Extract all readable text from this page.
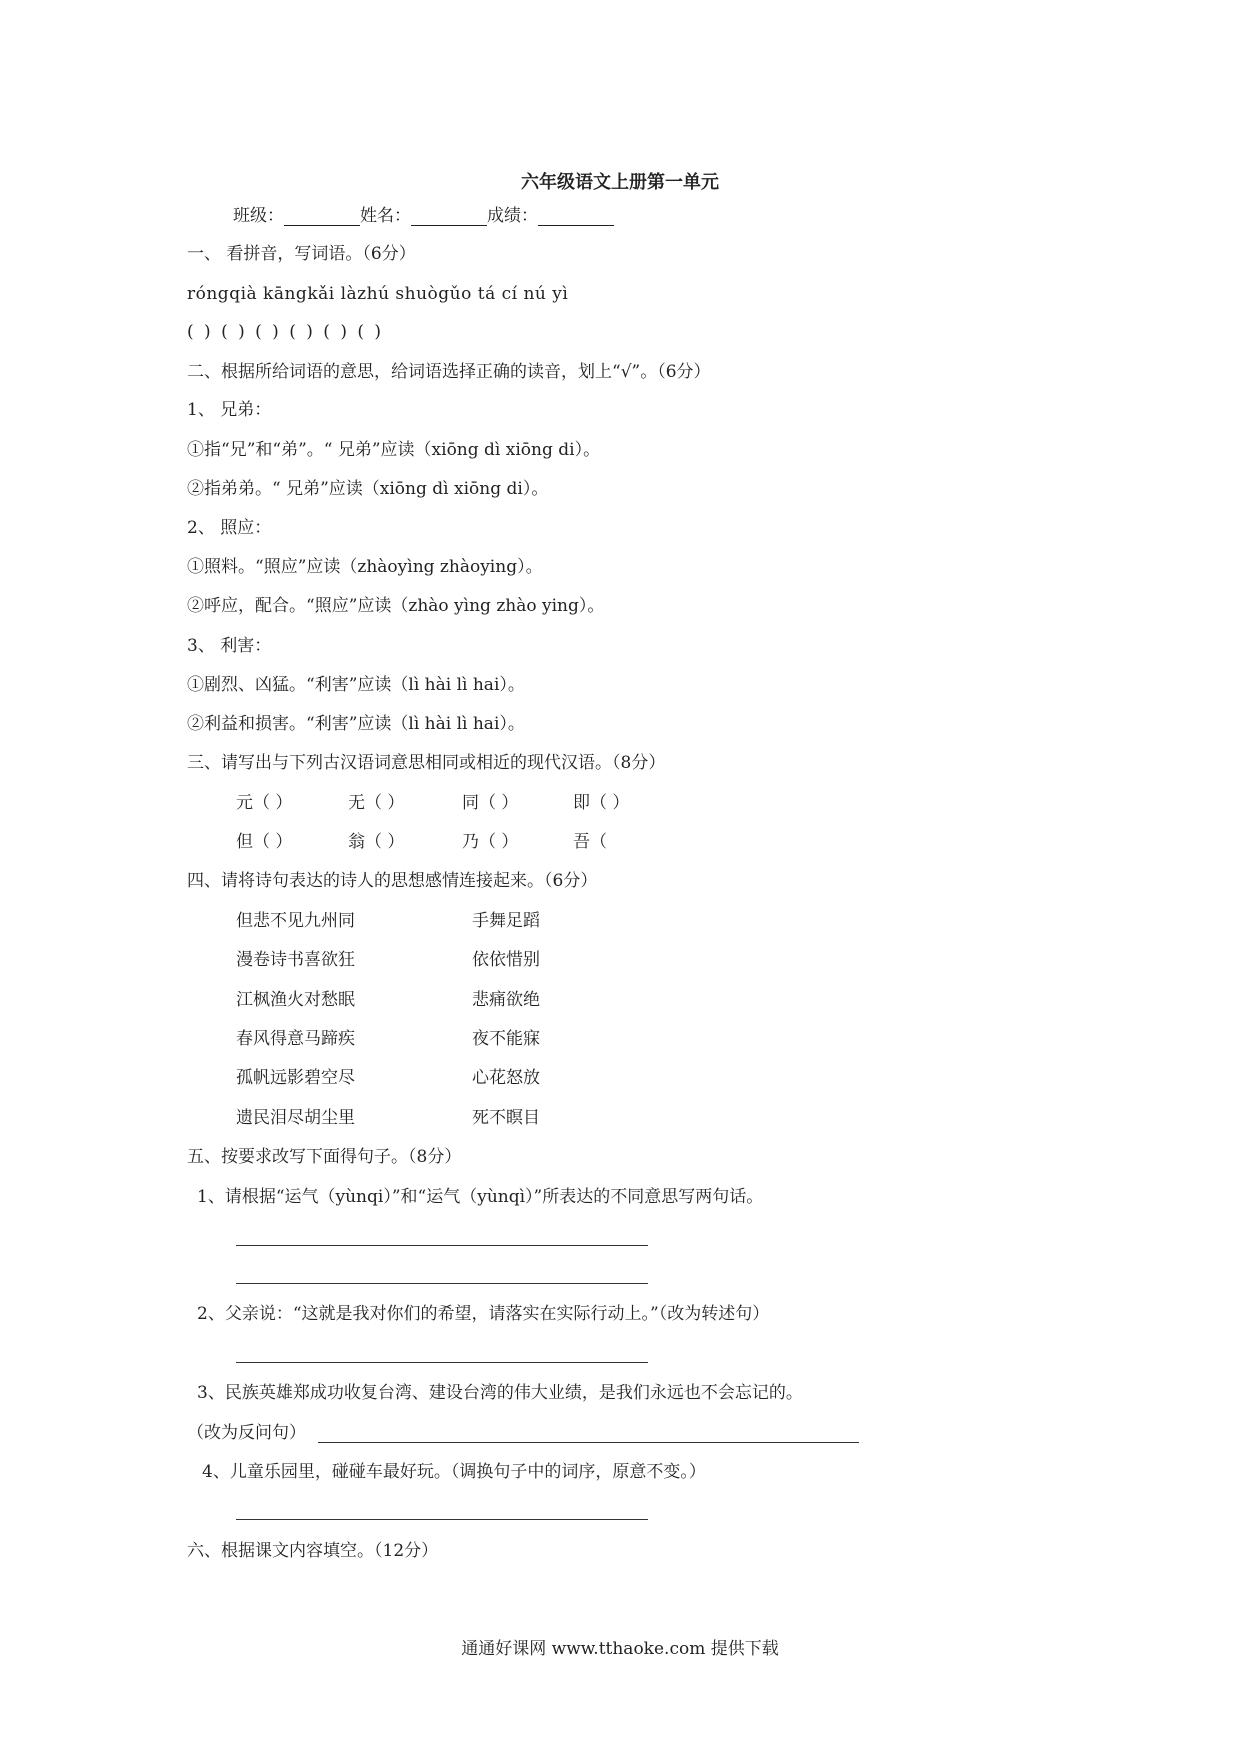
六年级语文上册第一单元
班级：	姓名：	成绩：
一、 看拼音，写词语。（6分）
róngqià kāngkǎi làzhú shuògǔo tá cí nú yì
( ) ( ) ( ) ( ) ( ) ( )
二、根据所给词语的意思，给词语选择正确的读音，划上“√”。（6分）
1、 兄弟：
①指“兄”和“弟”。“ 兄弟”应读（xiōng dì xiōng di）。
②指弟弟。“ 兄弟”应读（xiōng dì xiōng di）。
2、 照应：
①照料。“照应”应读（zhàoyìng zhàoying）。
②呼应，配合。“照应”应读（zhào yìng zhào ying）。
3、 利害：
①剧烈、凶猛。“利害”应读（lì hài lì hai）。
②利益和损害。“利害”应读（lì hài lì hai）。
三、请写出与下列古汉语词意思相同或相近的现代汉语。（8分）
元（ ）	无（ ）	同（ ）	即（ ）
但（ ）	翁（ ）	乃（ ）	吾（
四、请将诗句表达的诗人的思想感情连接起来。（6分）
但悲不见九州同	手舞足蹈
漫卷诗书喜欲狂	依依惜别
江枫渔火对愁眠	悲痛欲绝
春风得意马蹄疾	夜不能寐
孤帆远影碧空尽	心花怒放
遗民泪尽胡尘里	死不瞑目
五、按要求改写下面得句子。（8分）
1、请根据“运气（yùnqi）”和“运气（yùnqì）”所表达的不同意思写两句话。
2、父亲说：“这就是我对你们的希望，请落实在实际行动上。”（改为转述句）
3、民族英雄郑成功收复台湾、建设台湾的伟大业绩，是我们永远也不会忘记的。
（改为反问句）
4、儿童乐园里，碰碰车最好玩。（调换句子中的词序，原意不变。）
六、根据课文内容填空。（12分）
通通好课网 www.tthaoke.com 提供下载
